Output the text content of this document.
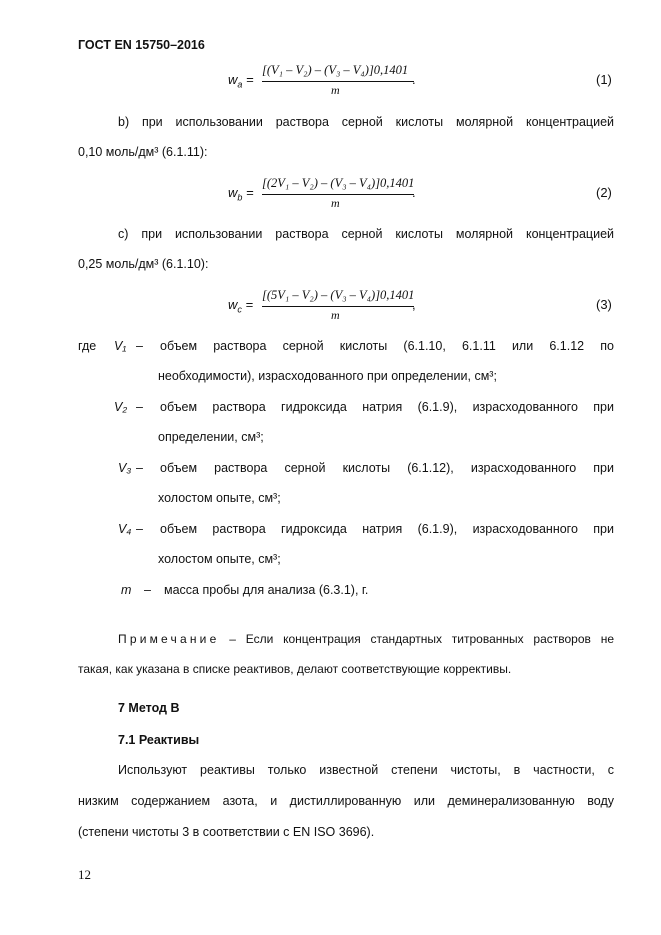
ГОСТ EN 15750–2016
$w_a$ =
[(V₁ – V₂) – (V₃ – V₄)]0,1401
m
.	(1)
b) при использовании раствора серной кислоты молярной концентрацией
0,10 моль/дм³ (6.1.11):
$w_b$ =
[(2V₁ – V₂) – (V₃ – V₄)]0,1401
m
.	(2)
с) при использовании раствора серной кислоты молярной концентрацией
0,25 моль/дм³ (6.1.10):
$w_c$ =
[(5V₁ – V₂) – (V₃ – V₄)]0,1401
m
,	(3)
где V₁ – объем раствора серной кислоты (6.1.10, 6.1.11 или 6.1.12 по
необходимости), израсходованного при определении, см³;
V₂ – объем раствора гидроксида натрия (6.1.9), израсходованного при
определении, см³;
V₃ – объем раствора серной кислоты (6.1.12), израсходованного при
холостом опыте, см³;
V₄ – объем раствора гидроксида натрия (6.1.9), израсходованного при
холостом опыте, см³;
m – масса пробы для анализа (6.3.1), г.
Примечание – Если концентрация стандартных титрованных растворов не
такая, как указана в списке реактивов, делают соответствующие коррективы.
7 Метод В
7.1 Реактивы
Используют реактивы только известной степени чистоты, в частности, с
низким содержанием азота, и дистиллированную или деминерализованную воду
(степени чистоты 3 в соответствии с EN ISO 3696).
12
